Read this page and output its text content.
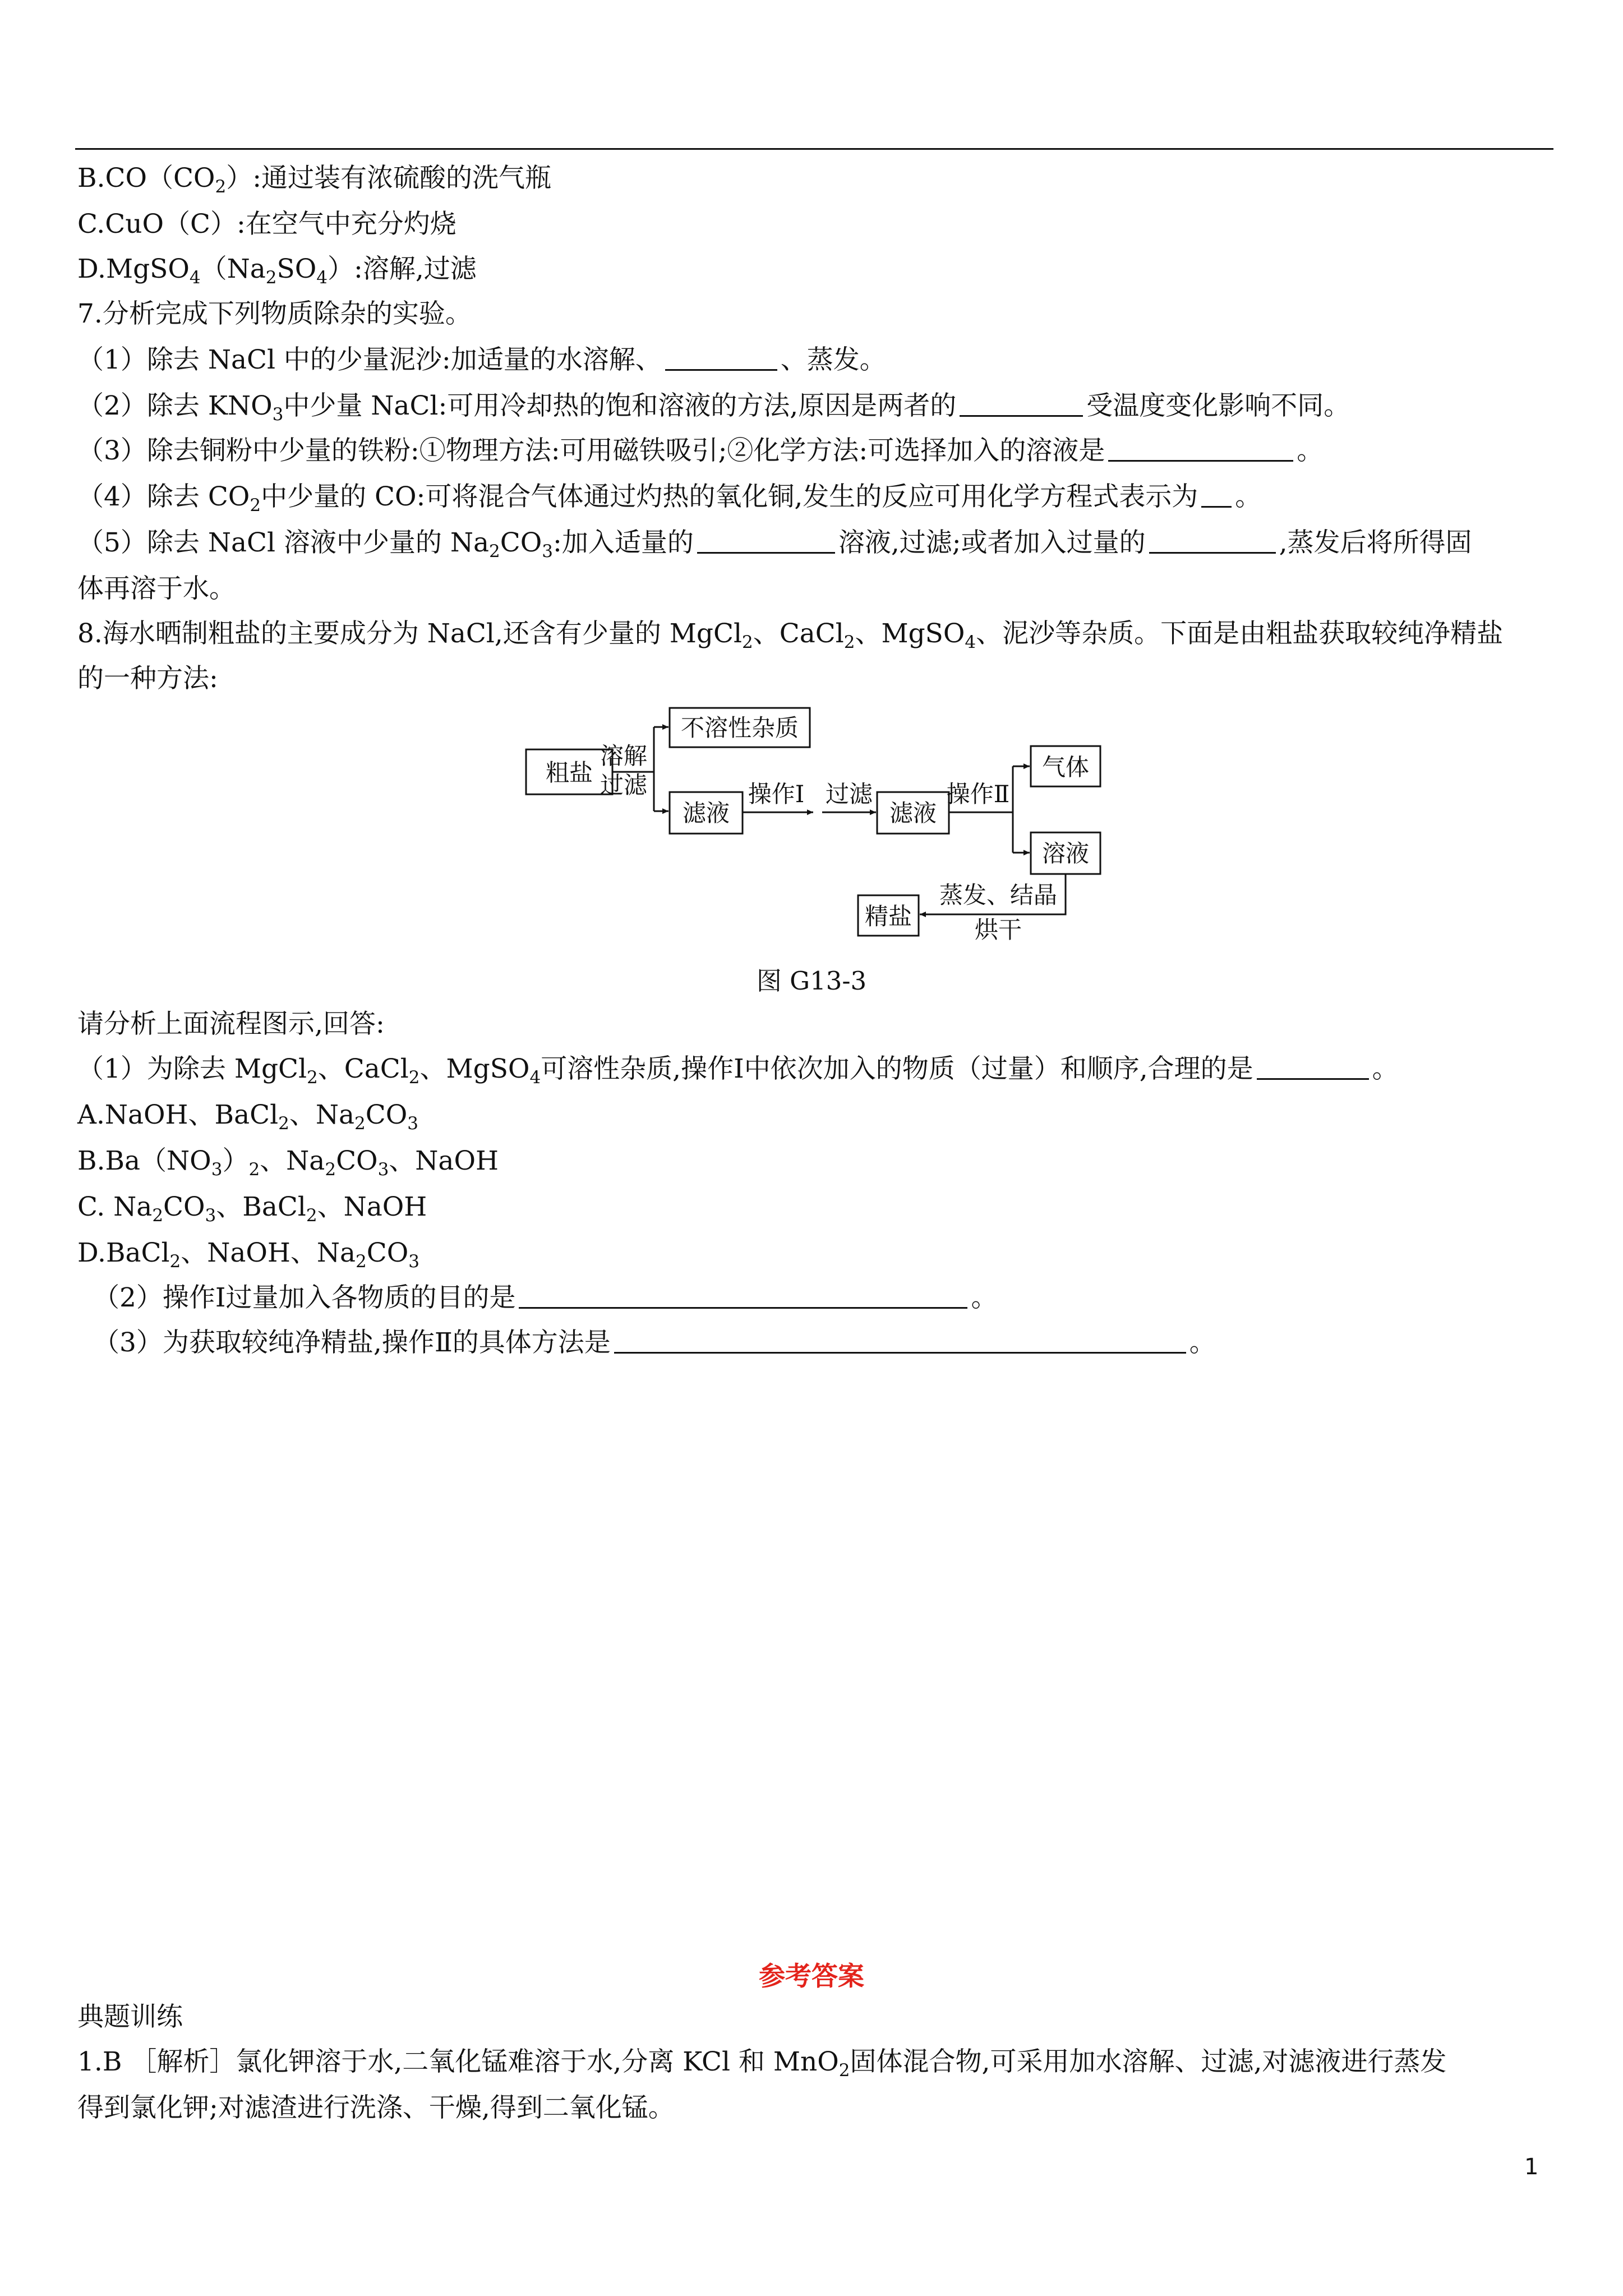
$B.CO(CO_2)$:通过装有浓硫酸的洗气瓶
C.CuO（C）:在空气中充分灼烧
$D.MgSO_4(Na_2SO_4)$:溶解,过滤
7.分析完成下列物质除杂的实验。
（1）除去 NaCl 中的少量泥沙:加适量的水溶解、	、蒸发。
（2）除去 $KNO_3$中少量 NaCl:可用冷却热的饱和溶液的方法,原因是两者的	受温度变化影响不同。
（3）除去铜粉中少量的铁粉:①物理方法:可用磁铁吸引;②化学方法:可选择加入的溶液是	。
（4）除去 $CO_2$中少量的 CO:可将混合气体通过灼热的氧化铜,发生的反应可用化学方程式表示为 。
（5）除去 NaCl 溶液中少量的 $Na_2CO_3$:加入适量的	溶液,过滤;或者加入过量的	,蒸发后将所得固
体再溶于水。
8.海水晒制粗盐的主要成分为 NaCl,还含有少量的 MgCl$_2$、CaCl$_2$、MgSO$_4$、泥沙等杂质。下面是由粗盐获取较纯净精盐
的一种方法:
粗盐
溶解
过滤
不溶性杂质
滤液
操作Ⅰ 过滤
滤液
操作Ⅱ
气体
溶液
蒸发、结晶
烘干
精盐
图 G13-3
请分析上面流程图示,回答:
（1）为除去 MgCl$_2$、CaCl$_2$、MgSO$_4$可溶性杂质,操作Ⅰ中依次加入的物质（过量）和顺序,合理的是	。
A.NaOH、BaCl$_2$、$Na_2CO_3$
$B.Ba(NO_3)_2$、$Na_2CO_3$、NaOH
C. $Na_2CO_3$、BaCl$_2$、NaOH
D.BaCl$_2$、NaOH、$Na_2CO_3$
（2）操作Ⅰ过量加入各物质的目的是	。
（3）为获取较纯净精盐,操作Ⅱ的具体方法是	。
参考答案
典题训练
1.B ［解析］氯化钾溶于水,二氧化锰难溶于水,分离 KCl 和 MnO$_2$固体混合物,可采用加水溶解、过滤,对滤液进行蒸发
得到氯化钾;对滤渣进行洗涤、干燥,得到二氧化锰。
1
